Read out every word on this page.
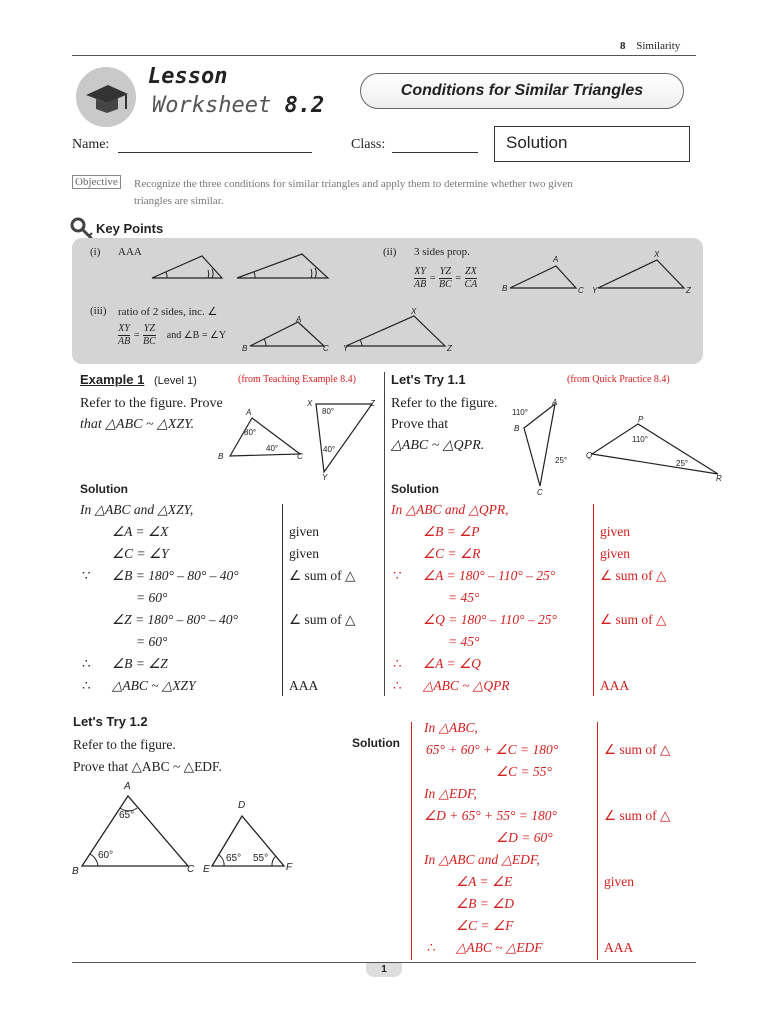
8 Similarity
Lesson
Worksheet 8.2
Conditions for Similar Triangles
Name:	Class:	Solution
Objective Recognize the three conditions for similar triangles and apply them to determine whether two given
triangles are similar.
Key Points
(i) AAA	(ii) 3 sides prop.
$\frac{XY}{AB} = \frac{YZ}{BC} = \frac{ZX}{CA}$
A
B	C
X
Y	Z
(iii) ratio of 2 sides, inc. ∠
$\frac{XY}{AB} = \frac{YZ}{BC}$ and ∠B = ∠Y
A
B	C
X
Y	Z
Example 1 (Level 1)	(from Teaching Example 8.4)
Refer to the figure. Prove
that △ABC ~ △XZY.
A
B	C
80°
40°
X	Z
Y
80°
40°
Solution
In △ABC and △XZY,
∠A = ∠X	given
∠C = ∠Y	given
∵ ∠B = 180° – 80° – 40°	∠ sum of △
= 60°
∠Z = 180° – 80° – 40°	∠ sum of △
= 60°
∴ ∠B = ∠Z
∴ △ABC ~ △XZY	AAA
Let's Try 1.1	(from Quick Practice 8.4)
Refer to the figure.
Prove that
△ABC ~ △QPR.
A
B
C
110°
25°
P
Q
R
110°
25°
Solution
In △ABC and △QPR,
∠B = ∠P	given
∠C = ∠R	given
∵ ∠A = 180° – 110° – 25°	∠ sum of △
= 45°
∠Q = 180° – 110° – 25°	∠ sum of △
= 45°
∴ ∠A = ∠Q
∴ △ABC ~ △QPR	AAA
Let's Try 1.2
Refer to the figure.
Prove that △ABC ~ △EDF.
Solution
A
B	C
65°
60°
D
E	F
65° 55°
In △ABC,
65° + 60° + ∠C = 180°	∠ sum of △
∠C = 55°
In △EDF,
∠D + 65° + 55° = 180°	∠ sum of △
∠D = 60°
In △ABC and △EDF,
∠A = ∠E	given
∠B = ∠D
∠C = ∠F
∴ △ABC ~ △EDF	AAA
1
